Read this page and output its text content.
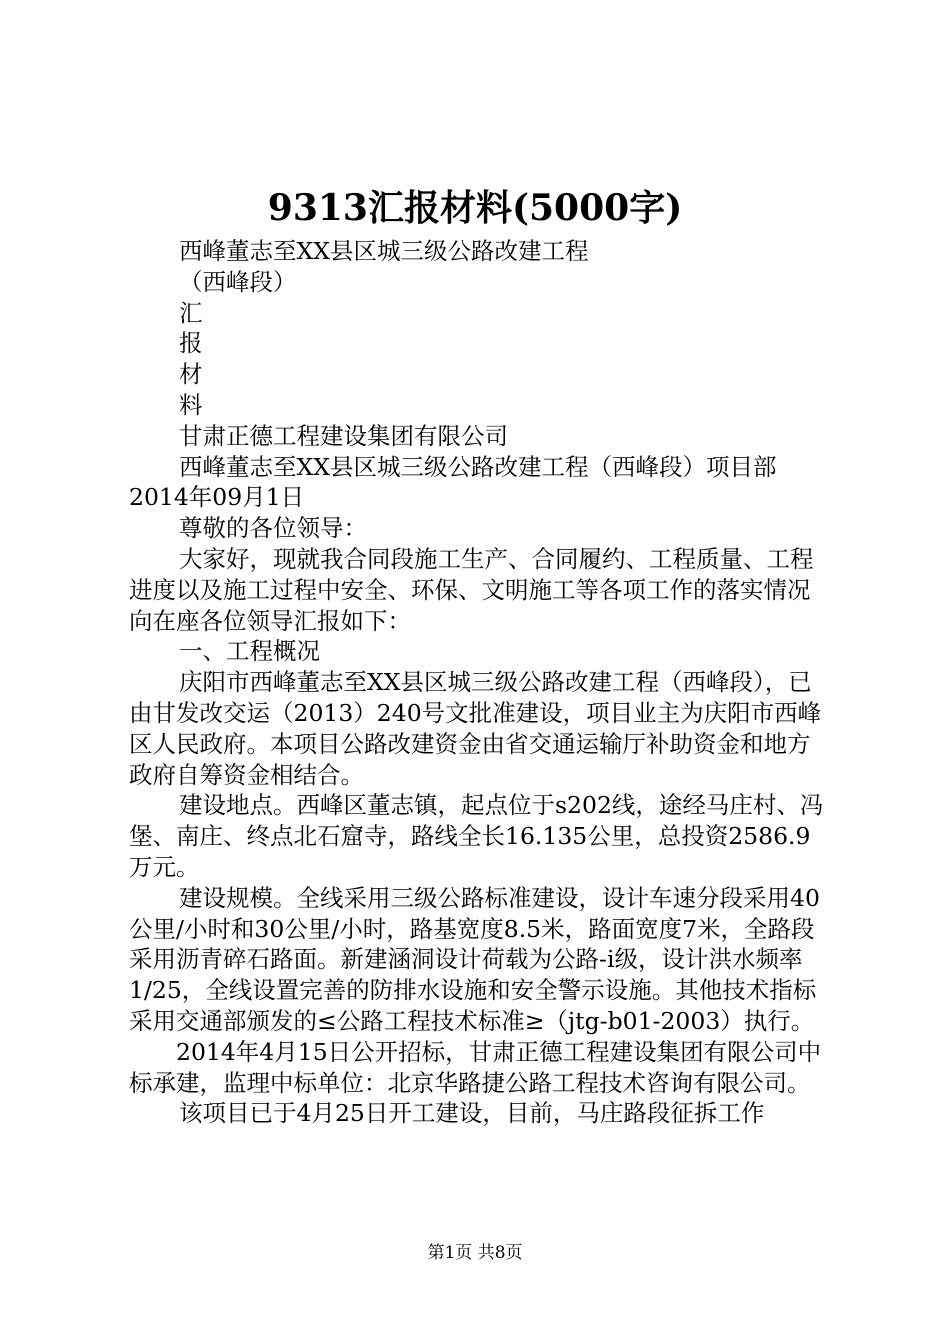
9313汇报材料(5000字)

西峰董志至XX县区城三级公路改建工程

（西峰段）

汇

报

材

料

甘肃正德工程建设集团有限公司

西峰董志至XX县区城三级公路改建工程（西峰段）项目部

2014年09月1日

尊敬的各位领导：

大家好，现就我合同段施工生产、合同履约、工程质量、工程进度以及施工过程中安全、环保、文明施工等各项工作的落实情况向在座各位领导汇报如下：

一、工程概况

庆阳市西峰董志至XX县区城三级公路改建工程（西峰段），已由甘发改交运（2013）240号文批准建设，项目业主为庆阳市西峰区人民政府。本项目公路改建资金由省交通运输厅补助资金和地方政府自筹资金相结合。

建设地点。西峰区董志镇，起点位于s202线，途经马庄村、冯堡、南庄、终点北石窟寺，路线全长16.135公里，总投资2586.9万元。

建设规模。全线采用三级公路标准建设，设计车速分段采用40公里/小时和30公里/小时，路基宽度8.5米，路面宽度7米，全路段采用沥青碎石路面。新建涵洞设计荷载为公路-i级，设计洪水频率1/25，全线设置完善的防排水设施和安全警示设施。其他技术指标采用交通部颁发的≤公路工程技术标准≥（jtg-b01-2003）执行。

2014年4月15日公开招标，甘肃正德工程建设集团有限公司中标承建，监理中标单位：北京华路捷公路工程技术咨询有限公司。

该项目已于4月25日开工建设，目前，马庄路段征拆工作

第1页 共8页
